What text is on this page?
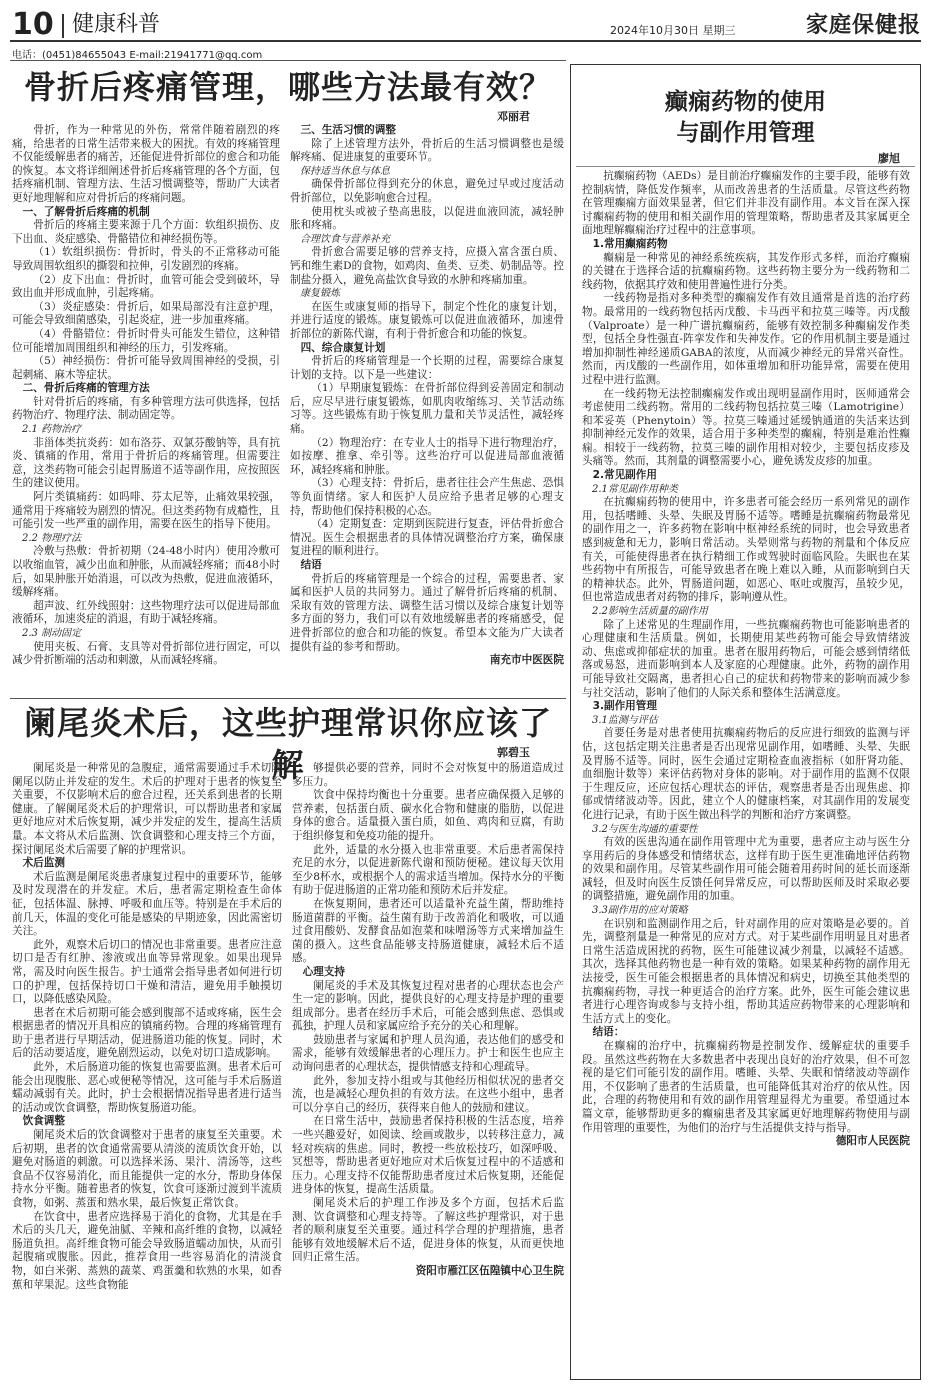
10 健康科普	2024年10月30日 星期三	家庭保健报
电话：(0451)84655043 E-mail:21941771@qq.com
骨折后疼痛管理，哪些方法最有效？
邓丽君

骨折，作为一种常见的外伤，常常伴随着剧烈的疼痛，给患者的日常生活带来极大的困扰。有效的疼痛管理不仅能缓解患者的痛苦，还能促进骨折部位的愈合和功能的恢复。本文将详细阐述骨折后疼痛管理的各个方面，包括疼痛机制、管理方法、生活习惯调整等，帮助广大读者更好地理解和应对骨折后的疼痛问题。

一、了解骨折后疼痛的机制

骨折后的疼痛主要来源于几个方面：软组织损伤、皮下出血、炎症感染、骨骼错位和神经损伤等。

（1）软组织损伤：骨折时，骨头的不正常移动可能导致周围软组织的撕裂和拉伸，引发剧烈的疼痛。

（2）皮下出血：骨折时，血管可能会受到破坏，导致出血并形成血肿，引起疼痛。

（3）炎症感染：骨折后，如果局部没有注意护理，可能会导致细菌感染，引起炎症，进一步加重疼痛。

（4）骨骼错位：骨折时骨头可能发生错位，这种错位可能增加周围组织和神经的压力，引发疼痛。

（5）神经损伤：骨折可能导致周围神经的受损，引起刺痛、麻木等症状。

二、骨折后疼痛的管理方法

针对骨折后的疼痛，有多种管理方法可供选择，包括药物治疗、物理疗法、制动固定等。

2.1 药物治疗

非甾体类抗炎药：如布洛芬、双氯芬酸钠等，具有抗炎、镇痛的作用，常用于骨折后的疼痛管理。但需要注意，这类药物可能会引起胃肠道不适等副作用，应按照医生的建议使用。

阿片类镇痛药：如吗啡、芬太尼等，止痛效果较强，通常用于疼痛较为剧烈的情况。但这类药物有成瘾性，且可能引发一些严重的副作用，需要在医生的指导下使用。

2.2 物理疗法

冷敷与热敷：骨折初期（24-48小时内）使用冷敷可以收缩血管，减少出血和肿胀，从而减轻疼痛；而48小时后，如果肿胀开始消退，可以改为热敷，促进血液循环，缓解疼痛。

超声波、红外线照射：这些物理疗法可以促进局部血液循环，加速炎症的消退，有助于减轻疼痛。

2.3 制动固定

使用夹板、石膏、支具等对骨折部位进行固定，可以减少骨折断端的活动和刺激，从而减轻疼痛。

三、生活习惯的调整

除了上述管理方法外，骨折后的生活习惯调整也是缓解疼痛、促进康复的重要环节。

保持适当休息与体息

确保骨折部位得到充分的休息，避免过早或过度活动骨折部位，以免影响愈合过程。

使用枕头或被子垫高患肢，以促进血液回流，减轻肿胀和疼痛。

合理饮食与营养补充

骨折愈合需要足够的营养支持，应摄入富含蛋白质、钙和维生素D的食物，如鸡肉、鱼类、豆类、奶制品等。控制盐分摄入，避免高盐饮食导致的水肿和疼痛加重。

康复锻炼

在医生或康复师的指导下，制定个性化的康复计划，并进行适度的锻炼。康复锻炼可以促进血液循环，加速骨折部位的新陈代谢，有利于骨折愈合和功能的恢复。

四、综合康复计划

骨折后的疼痛管理是一个长期的过程，需要综合康复计划的支持。以下是一些建议：

（1）早期康复锻炼：在骨折部位得到妥善固定和制动后，应尽早进行康复锻炼，如肌肉收缩练习、关节活动练习等。这些锻炼有助于恢复肌力量和关节灵活性，减轻疼痛。

（2）物理治疗：在专业人士的指导下进行物理治疗，如按摩、推拿、牵引等。这些治疗可以促进局部血液循环，减轻疼痛和肿胀。

（3）心理支持：骨折后，患者往往会产生焦虑、恐惧等负面情绪。家人和医护人员应给予患者足够的心理支持，帮助他们保持积极的心态。

（4）定期复查：定期到医院进行复查，评估骨折愈合情况。医生会根据患者的具体情况调整治疗方案，确保康复进程的顺利进行。

结语

骨折后的疼痛管理是一个综合的过程，需要患者、家属和医护人员的共同努力。通过了解骨折后疼痛的机制、采取有效的管理方法、调整生活习惯以及综合康复计划等多方面的努力，我们可以有效地缓解患者的疼痛感受，促进骨折部位的愈合和功能的恢复。希望本文能为广大读者提供有益的参考和帮助。

南充市中医医院

阑尾炎术后，这些护理常识你应该了解	郭碧玉

阑尾炎是一种常见的急腹症，通常需要通过手术切除阑尾以防止并发症的发生。术后的护理对于患者的恢复至关重要，不仅影响术后的愈合过程，还关系到患者的长期健康。了解阑尾炎术后的护理常识，可以帮助患者和家属更好地应对术后恢复期，减少并发症的发生，提高生活质量。本文将从术后监测、饮食调整和心理支持三个方面，探讨阑尾炎术后需要了解的护理常识。

术后监测

术后监测是阑尾炎患者康复过程中的重要环节，能够及时发现潜在的并发症。术后，患者需定期检查生命体征，包括体温、脉搏、呼吸和血压等。特别是在手术后的前几天，体温的变化可能是感染的早期迹象，因此需密切关注。

此外，观察术后切口的情况也非常重要。患者应注意切口是否有红肿、渗液或出血等异常现象。如果出现异常，需及时向医生报告。护士通常会指导患者如何进行切口的护理，包括保持切口干燥和清洁，避免用手触摸切口，以降低感染风险。

患者在术后初期可能会感到腹部不适或疼痛，医生会根据患者的情况开具相应的镇痛药物。合理的疼痛管理有助于患者进行早期活动，促进肠道功能的恢复。同时，术后的活动要适度，避免剧烈运动，以免对切口造成影响。

此外，术后肠道功能的恢复也需要监测。患者术后可能会出现腹胀、恶心或便秘等情况，这可能与手术后肠道蠕动减弱有关。此时，护士会根据情况指导患者进行适当的活动或饮食调整，帮助恢复肠道功能。

饮食调整

阑尾炎术后的饮食调整对于患者的康复至关重要。术后初期，患者的饮食通常需要从清淡的流质饮食开始，以避免对肠道的刺激。可以选择米汤、果汁、清汤等，这些食品不仅容易消化，而且能提供一定的水分，帮助身体保持水分平衡。随着患者的恢复，饮食可逐渐过渡到半流质食物，如粥、蒸蛋和熟水果，最后恢复正常饮食。

在饮食中，患者应选择易于消化的食物，尤其是在手术后的头几天，避免油腻、辛辣和高纤维的食物，以减轻肠道负担。高纤维食物可能会导致肠道蠕动加快，从而引起腹痛或腹胀。因此，推荐食用一些容易消化的清淡食物，如白米粥、蒸熟的蔬菜、鸡蛋羹和软熟的水果，如香蕉和苹果泥。这些食物能

够提供必要的营养，同时不会对恢复中的肠道造成过多压力。

饮食中保持均衡也十分重要。患者应确保摄入足够的营养素，包括蛋白质、碳水化合物和健康的脂肪，以促进身体的愈合。适量摄入蛋白质，如鱼、鸡肉和豆腐，有助于组织修复和免疫功能的提升。

此外，适量的水分摄入也非常重要。术后患者需保持充足的水分，以促进新陈代谢和预防便秘。建议每天饮用至少8杯水，或根据个人的需求适当增加。保持水分的平衡有助于促进肠道的正常功能和预防术后并发症。

在恢复期间，患者还可以适量补充益生菌，帮助维持肠道菌群的平衡。益生菌有助于改善消化和吸收，可以通过食用酸奶、发酵食品如泡菜和味噌汤等方式来增加益生菌的摄入。这些食品能够支持肠道健康，减轻术后不适感。

心理支持

阑尾炎的手术及其恢复过程对患者的心理状态也会产生一定的影响。因此，提供良好的心理支持是护理的重要组成部分。患者在经历手术后，可能会感到焦虑、恐惧或孤独，护理人员和家属应给予充分的关心和理解。

鼓励患者与家属和护理人员沟通，表达他们的感受和需求，能够有效缓解患者的心理压力。护士和医生也应主动询问患者的心理状态，提供情感支持和心理疏导。

此外，参加支持小组或与其他经历相似状况的患者交流，也是减轻心理负担的有效方法。在这些小组中，患者可以分享自己的经历，获得来自他人的鼓励和建议。

在日常生活中，鼓励患者保持积极的生活态度，培养一些兴趣爱好，如阅读、绘画或散步，以转移注意力，减轻对疾病的焦虑。同时，教授一些放松技巧，如深呼吸、冥想等，帮助患者更好地应对术后恢复过程中的不适感和压力。心理支持不仅能帮助患者度过术后恢复期，还能促进身体的恢复，提高生活质量。

阑尾炎术后的护理工作涉及多个方面，包括术后监测、饮食调整和心理支持等。了解这些护理常识，对于患者的顺利康复至关重要。通过科学合理的护理措施，患者能够有效地缓解术后不适，促进身体的恢复，从而更快地回归正常生活。

资阳市雁江区伍隍镇中心卫生院

癫痫药物的使用
与副作用管理
廖旭

抗癫痫药物（AEDs）是目前治疗癫痫发作的主要手段，能够有效控制病情，降低发作频率，从而改善患者的生活质量。尽管这些药物在管理癫痫方面效果显著，但它们并非没有副作用。本文旨在深入探讨癫痫药物的使用和相关副作用的管理策略，帮助患者及其家属更全面地理解癫痫治疗过程中的注意事项。

1.常用癫痫药物

癫痫是一种常见的神经系统疾病，其发作形式多样，而治疗癫痫的关键在于选择合适的抗癫痫药物。这些药物主要分为一线药物和二线药物，依据其疗效和使用普遍性进行分类。

一线药物是指对多种类型的癫痫发作有效且通常是首选的治疗药物。最常用的一线药物包括丙戊酸、卡马西平和拉莫三嗪等。丙戊酸（Valproate）是一种广谱抗癫痫药，能够有效控制多种癫痫发作类型，包括全身性强直-阵挛发作和失神发作。它的作用机制主要是通过增加抑制性神经递质GABA的浓度，从而减少神经元的异常兴奋性。然而，丙戊酸的一些副作用，如体重增加和肝功能异常，需要在使用过程中进行监测。

在一线药物无法控制癫痫发作或出现明显副作用时，医师通常会考虑使用二线药物。常用的二线药物包括拉莫三嗪（Lamotrigine）和苯妥英（Phenytoin）等。拉莫三嗪通过延缓钠通道的失活来达到抑制神经元发作的效果，适合用于多种类型的癫痫，特别是难治性癫痫。相较于一线药物，拉莫三嗪的副作用相对较少，主要包括皮疹及头痛等。然而，其剂量的调整需要小心，避免诱发皮疹的加重。

2.常见副作用
2.1常见副作用种类

在抗癫痫药物的使用中，许多患者可能会经历一系列常见的副作用，包括嗜睡、头晕、失眠及胃肠不适等。嗜睡是抗癫痫药物最常见的副作用之一，许多药物在影响中枢神经系统的同时，也会导致患者感到疲惫和无力，影响日常活动。头晕则常与药物的剂量和个体反应有关，可能使得患者在执行精细工作或驾驶时面临风险。失眠也在某些药物中有所报告，可能导致患者在晚上难以入睡，从而影响到白天的精神状态。此外，胃肠道问题，如恶心、呕吐或腹泻，虽较少见，但也常造成患者对药物的排斥，影响遵从性。

2.2影响生活质量的副作用

除了上述常见的生理副作用，一些抗癫痫药物也可能影响患者的心理健康和生活质量。例如，长期使用某些药物可能会导致情绪波动、焦虑或抑郁症状的加重。患者在服用药物后，可能会感到情绪低落或易怒，进而影响到本人及家庭的心理健康。此外，药物的副作用可能导致社交隔离，患者担心自己的症状和药物带来的影响而减少参与社交活动，影响了他们的人际关系和整体生活满意度。

3.副作用管理
3.1监测与评估

首要任务是对患者使用抗癫痫药物后的反应进行细致的监测与评估，这包括定期关注患者是否出现常见副作用，如嗜睡、头晕、失眠及胃肠不适等。同时，医生会通过定期检查血液指标（如肝肾功能、血细胞计数等）来评估药物对身体的影响。对于副作用的监测不仅限于生理反应，还应包括心理状态的评估，观察患者是否出现焦虑、抑郁或情绪波动等。因此，建立个人的健康档案，对其副作用的发展变化进行记录，有助于医生做出科学的判断和治疗方案调整。

3.2与医生沟通的重要性

有效的医患沟通在副作用管理中尤为重要，患者应主动与医生分享用药后的身体感受和情绪状态，这样有助于医生更准确地评估药物的效果和副作用。尽管某些副作用可能会随着用药时间的延长而逐渐减轻，但及时向医生反馈任何异常反应，可以帮助医师及时采取必要的调整措施，避免副作用的加重。

3.3副作用的应对策略

在识别和监测副作用之后，针对副作用的应对策略是必要的。首先，调整剂量是一种常见的应对方式。对于某些副作用明显且对患者日常生活造成困扰的药物，医生可能建议减少剂量，以减轻不适感。其次，选择其他药物也是一种有效的策略。如果某种药物的副作用无法接受，医生可能会根据患者的具体情况和病史，切换至其他类型的抗癫痫药物，寻找一种更适合的治疗方案。此外，医生可能会建议患者进行心理咨询或参与支持小组，帮助其适应药物带来的心理影响和生活方式上的变化。

结语：

在癫痫的治疗中，抗癫痫药物是控制发作、缓解症状的重要手段。虽然这些药物在大多数患者中表现出良好的治疗效果，但不可忽视的是它们可能引发的副作用。嗜睡、头晕、失眠和情绪波动等副作用，不仅影响了患者的生活质量，也可能降低其对治疗的依从性。因此，合理的药物使用和有效的副作用管理显得尤为重要。希望通过本篇文章，能够帮助更多的癫痫患者及其家属更好地理解药物使用与副作用管理的重要性，为他们的治疗与生活提供支持与指导。

德阳市人民医院
